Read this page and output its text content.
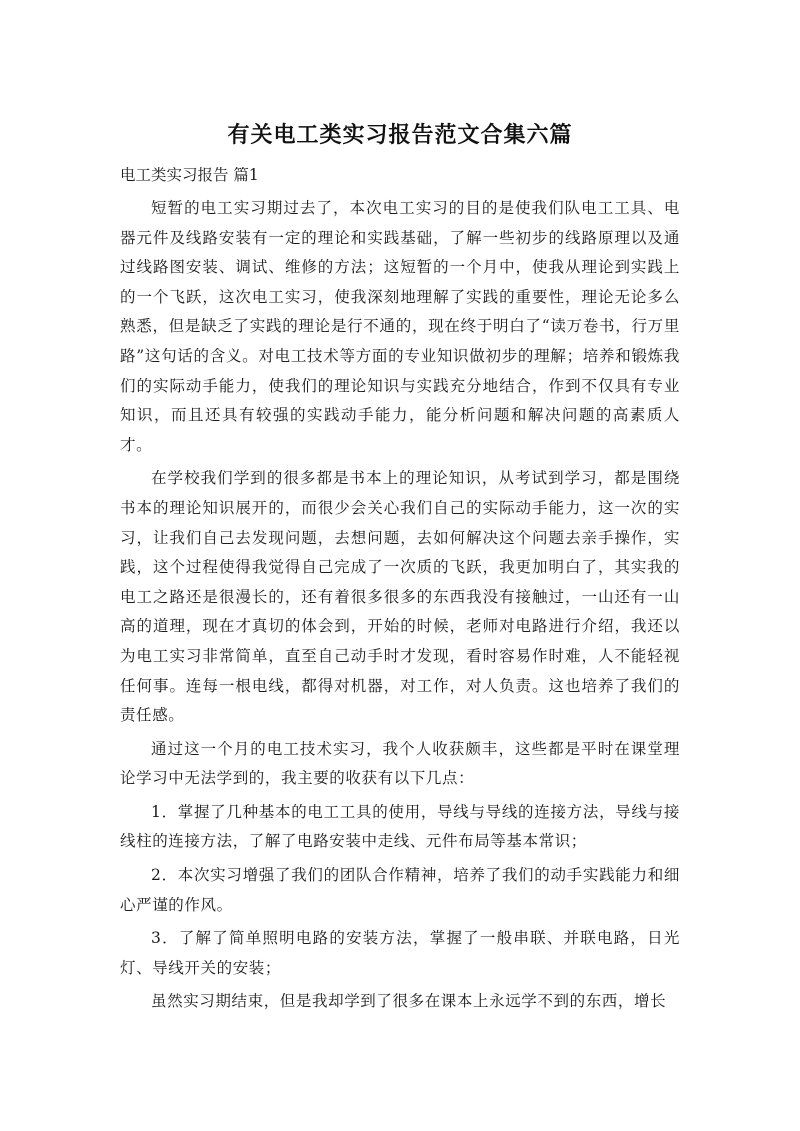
有关电工类实习报告范文合集六篇
电工类实习报告 篇1

短暂的电工实习期过去了，本次电工实习的目的是使我们队电工工具、电器元件及线路安装有一定的理论和实践基础，了解一些初步的线路原理以及通过线路图安装、调试、维修的方法；这短暂的一个月中，使我从理论到实践上的一个飞跃，这次电工实习，使我深刻地理解了实践的重要性，理论无论多么熟悉，但是缺乏了实践的理论是行不通的，现在终于明白了“读万卷书，行万里路”这句话的含义。对电工技术等方面的专业知识做初步的理解；培养和锻炼我们的实际动手能力，使我们的理论知识与实践充分地结合，作到不仅具有专业知识，而且还具有较强的实践动手能力，能分析问题和解决问题的高素质人才。

在学校我们学到的很多都是书本上的理论知识，从考试到学习，都是围绕书本的理论知识展开的，而很少会关心我们自己的实际动手能力，这一次的实习，让我们自己去发现问题，去想问题，去如何解决这个问题去亲手操作，实践，这个过程使得我觉得自己完成了一次质的飞跃，我更加明白了，其实我的电工之路还是很漫长的，还有着很多很多的东西我没有接触过，一山还有一山高的道理，现在才真切的体会到，开始的时候，老师对电路进行介绍，我还以为电工实习非常简单，直至自己动手时才发现，看时容易作时难，人不能轻视任何事。连每一根电线，都得对机器，对工作，对人负责。这也培养了我们的责任感。

通过这一个月的电工技术实习，我个人收获颇丰，这些都是平时在课堂理论学习中无法学到的，我主要的收获有以下几点：

1．掌握了几种基本的电工工具的使用，导线与导线的连接方法，导线与接线柱的连接方法，了解了电路安装中走线、元件布局等基本常识；

2．本次实习增强了我们的团队合作精神，培养了我们的动手实践能力和细心严谨的作风。

3．了解了简单照明电路的安装方法，掌握了一般串联、并联电路，日光灯、导线开关的安装；

虽然实习期结束，但是我却学到了很多在课本上永远学不到的东西，增长
